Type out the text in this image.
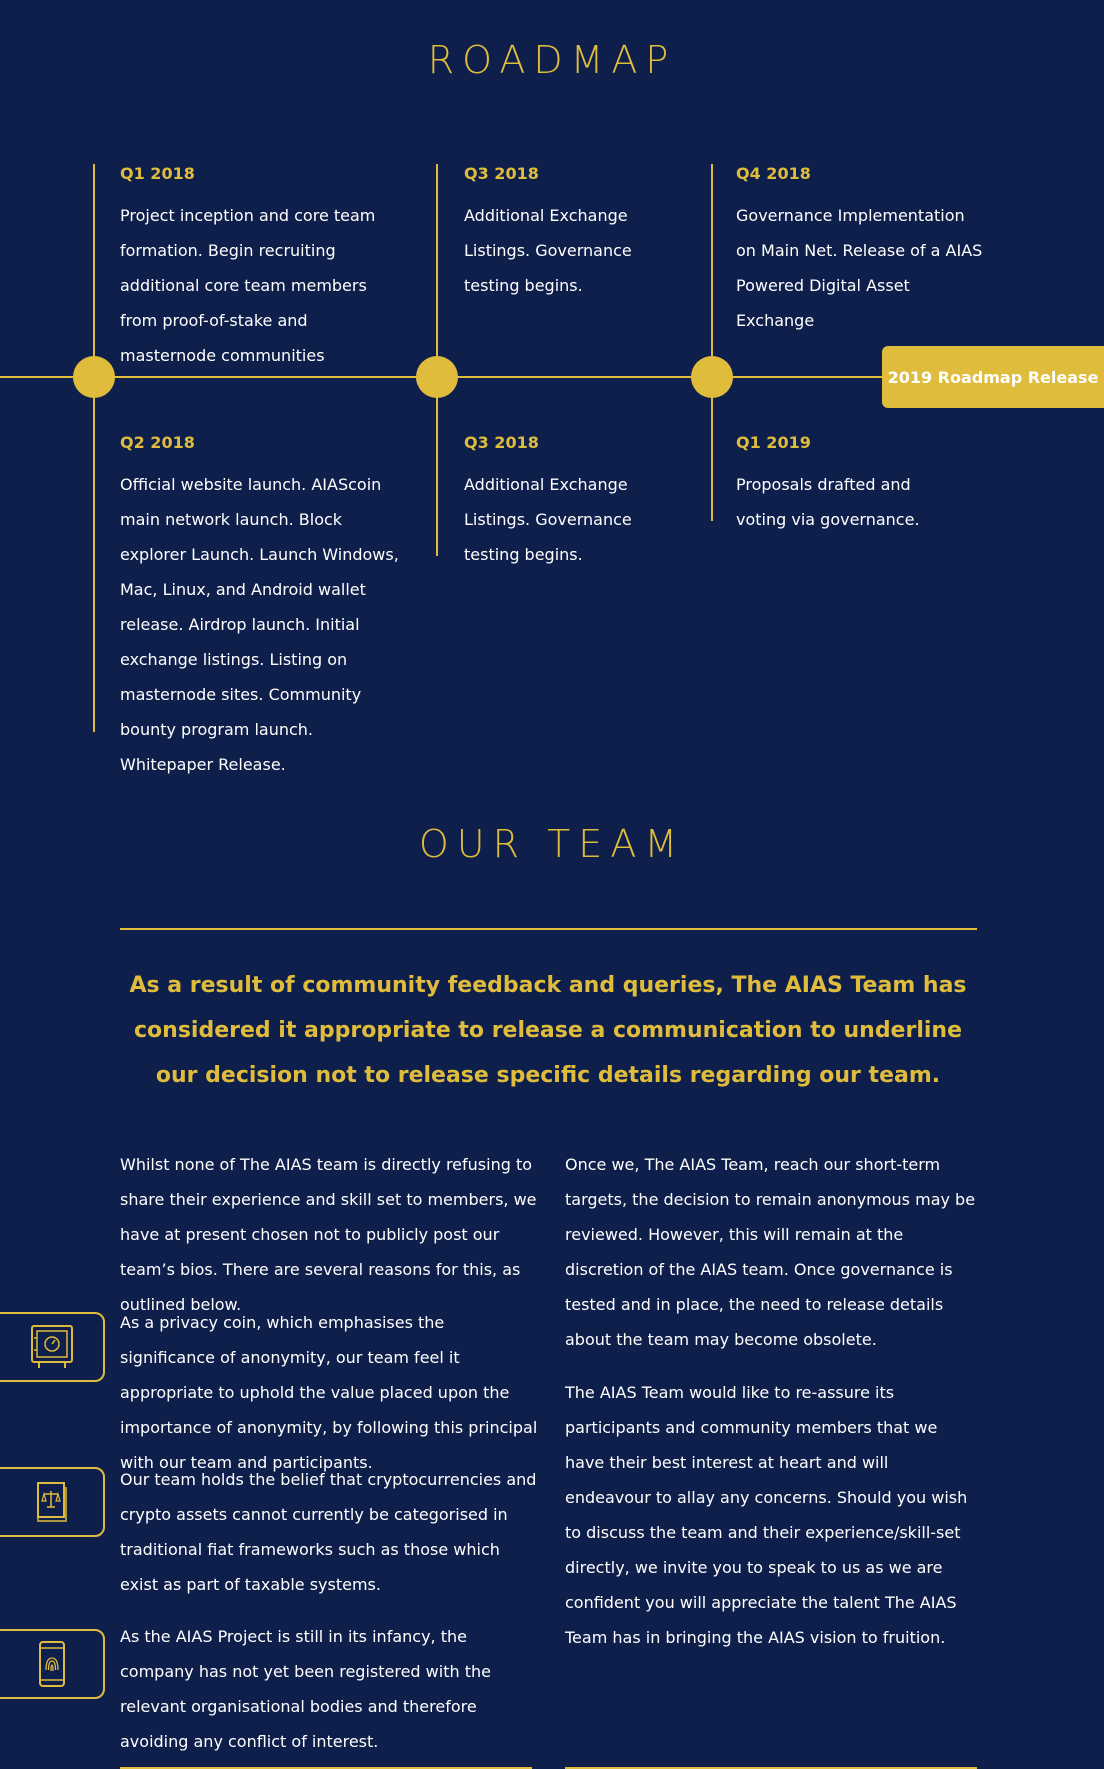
ROADMAP
2019 Roadmap Release
Q1 2018
Project inception and core team formation. Begin recruiting additional core team members from proof-of-stake and masternode communities
Q3 2018
Additional Exchange Listings. Governance testing begins.
Q4 2018
Governance Implementation on Main Net. Release of a AIAS Powered Digital Asset Exchange
Q2 2018
Official website launch. AIAScoin main network launch. Block explorer Launch. Launch Windows, Mac, Linux, and Android wallet release. Airdrop launch. Initial exchange listings. Listing on masternode sites. Community bounty program launch. Whitepaper Release.
Q3 2018
Additional Exchange Listings. Governance testing begins.
Q1 2019
Proposals drafted and voting via governance.
OUR TEAM

As a result of community feedback and queries, The AIAS Team has considered it appropriate to release a communication to underline our decision not to release specific details regarding our team.

Whilst none of The AIAS team is directly refusing to share their experience and skill set to members, we have at present chosen not to publicly post our team’s bios. There are several reasons for this, as outlined below.

As a privacy coin, which emphasises the significance of anonymity, our team feel it appropriate to uphold the value placed upon the importance of anonymity, by following this principal with our team and participants.

Our team holds the belief that cryptocurrencies and crypto assets cannot currently be categorised in traditional fiat frameworks such as those which exist as part of taxable systems.

As the AIAS Project is still in its infancy, the company has not yet been registered with the relevant organisational bodies and therefore avoiding any conflict of interest.

Once we, The AIAS Team, reach our short-term targets, the decision to remain anonymous may be reviewed. However, this will remain at the discretion of the AIAS team. Once governance is tested and in place, the need to release details about the team may become obsolete.

The AIAS Team would like to re-assure its participants and community members that we have their best interest at heart and will endeavour to allay any concerns. Should you wish to discuss the team and their experience/skill-set directly, we invite you to speak to us as we are confident you will appreciate the talent The AIAS Team has in bringing the AIAS vision to fruition.
